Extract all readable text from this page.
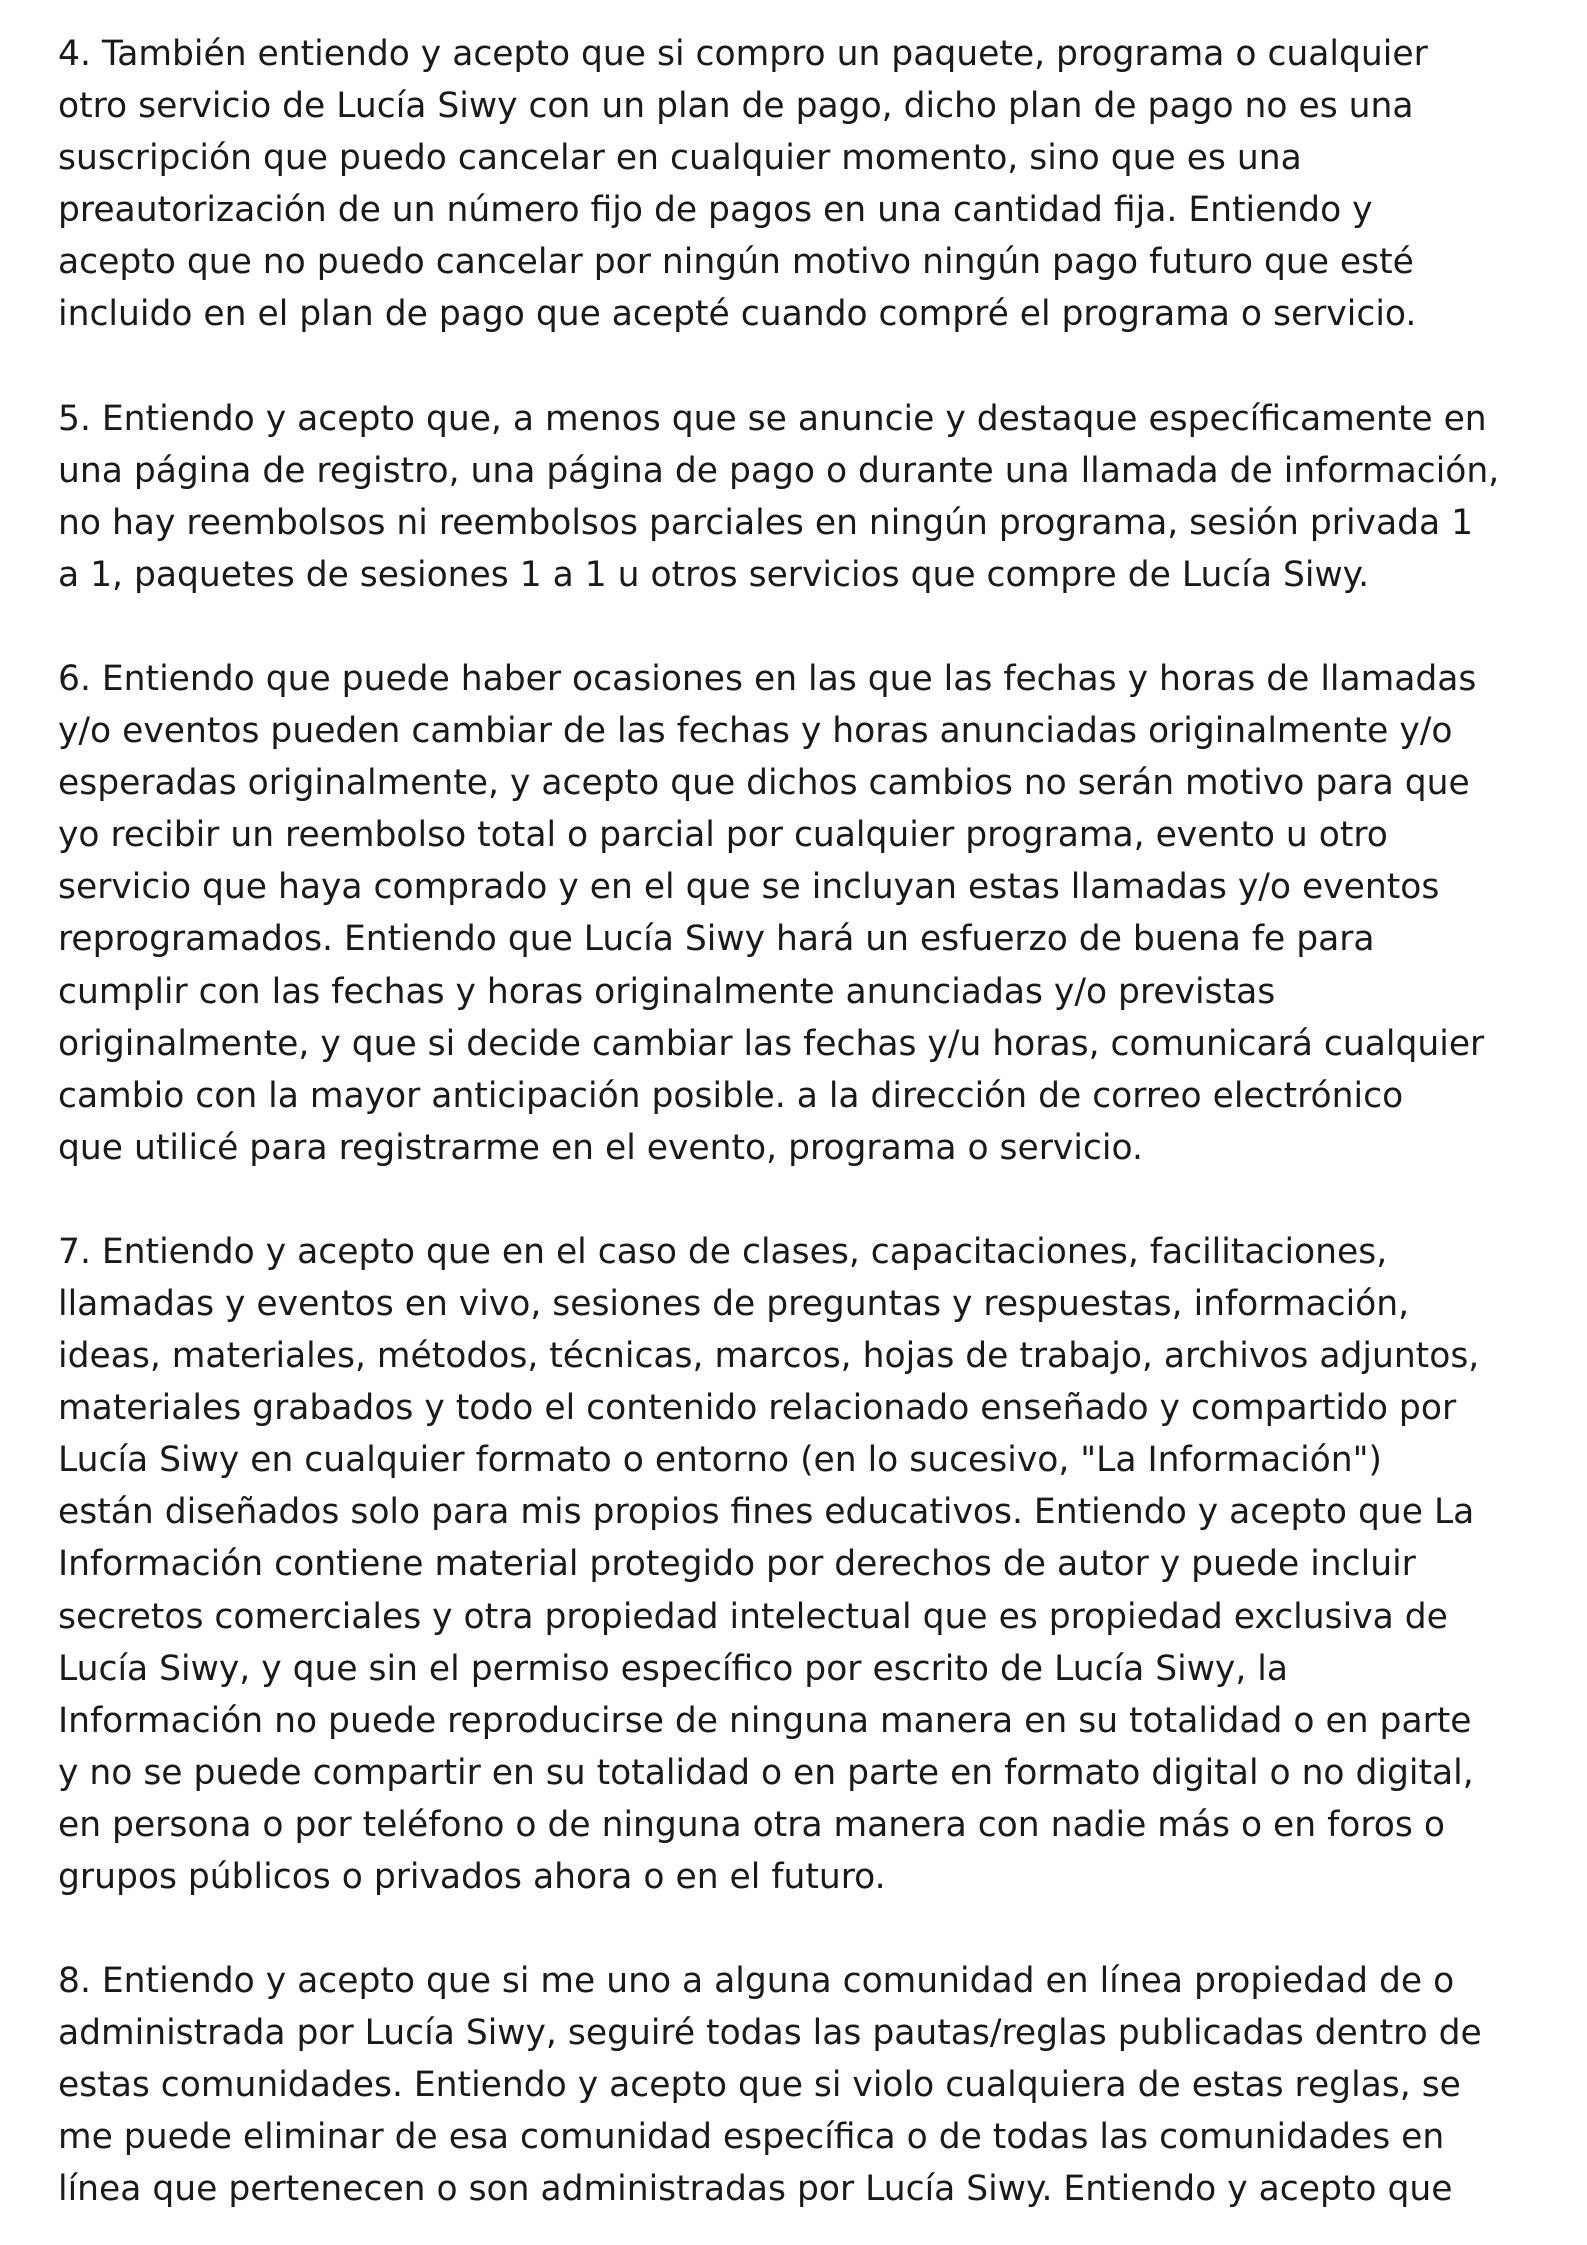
4. También entiendo y acepto que si compro un paquete, programa o cualquier
otro servicio de Lucía Siwy con un plan de pago, dicho plan de pago no es una
suscripción que puedo cancelar en cualquier momento, sino que es una
preautorización de un número fijo de pagos en una cantidad fija. Entiendo y
acepto que no puedo cancelar por ningún motivo ningún pago futuro que esté
incluido en el plan de pago que acepté cuando compré el programa o servicio.
5. Entiendo y acepto que, a menos que se anuncie y destaque específicamente en
una página de registro, una página de pago o durante una llamada de información,
no hay reembolsos ni reembolsos parciales en ningún programa, sesión privada 1
a 1, paquetes de sesiones 1 a 1 u otros servicios que compre de Lucía Siwy.
6. Entiendo que puede haber ocasiones en las que las fechas y horas de llamadas
y/o eventos pueden cambiar de las fechas y horas anunciadas originalmente y/o
esperadas originalmente, y acepto que dichos cambios no serán motivo para que
yo recibir un reembolso total o parcial por cualquier programa, evento u otro
servicio que haya comprado y en el que se incluyan estas llamadas y/o eventos
reprogramados. Entiendo que Lucía Siwy hará un esfuerzo de buena fe para
cumplir con las fechas y horas originalmente anunciadas y/o previstas
originalmente, y que si decide cambiar las fechas y/u horas, comunicará cualquier
cambio con la mayor anticipación posible. a la dirección de correo electrónico
que utilicé para registrarme en el evento, programa o servicio.
7. Entiendo y acepto que en el caso de clases, capacitaciones, facilitaciones,
llamadas y eventos en vivo, sesiones de preguntas y respuestas, información,
ideas, materiales, métodos, técnicas, marcos, hojas de trabajo, archivos adjuntos,
materiales grabados y todo el contenido relacionado enseñado y compartido por
Lucía Siwy en cualquier formato o entorno (en lo sucesivo, "La Información")
están diseñados solo para mis propios fines educativos. Entiendo y acepto que La
Información contiene material protegido por derechos de autor y puede incluir
secretos comerciales y otra propiedad intelectual que es propiedad exclusiva de
Lucía Siwy, y que sin el permiso específico por escrito de Lucía Siwy, la
Información no puede reproducirse de ninguna manera en su totalidad o en parte
y no se puede compartir en su totalidad o en parte en formato digital o no digital,
en persona o por teléfono o de ninguna otra manera con nadie más o en foros o
grupos públicos o privados ahora o en el futuro.
8. Entiendo y acepto que si me uno a alguna comunidad en línea propiedad de o
administrada por Lucía Siwy, seguiré todas las pautas/reglas publicadas dentro de
estas comunidades. Entiendo y acepto que si violo cualquiera de estas reglas, se
me puede eliminar de esa comunidad específica o de todas las comunidades en
línea que pertenecen o son administradas por Lucía Siwy. Entiendo y acepto que
